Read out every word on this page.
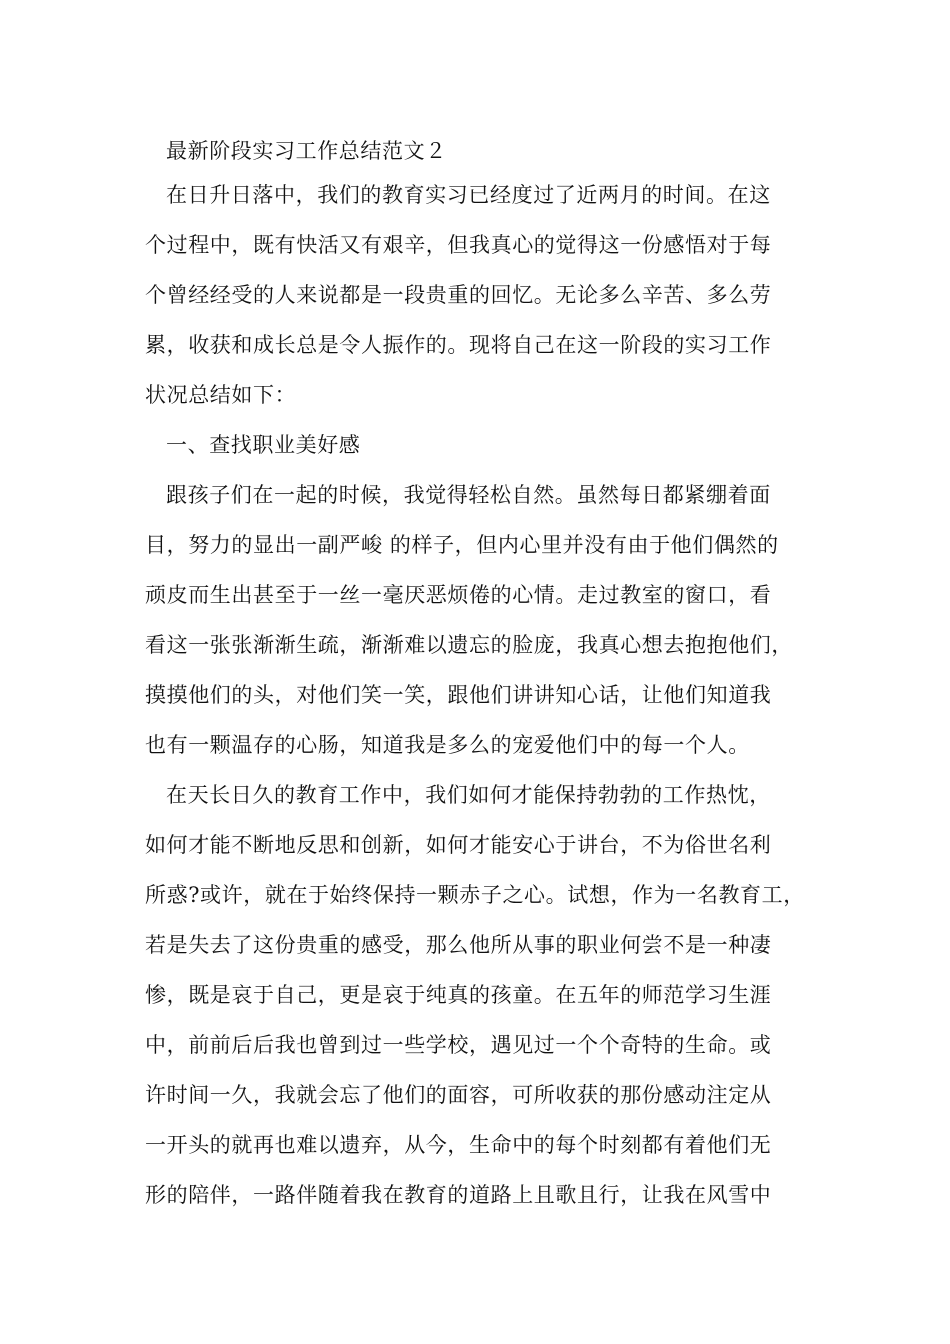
最新阶段实习工作总结范文２
在日升日落中，我们的教育实习已经度过了近两月的时间。在这
个过程中，既有快活又有艰辛，但我真心的觉得这一份感悟对于每
个曾经经受的人来说都是一段贵重的回忆。无论多么辛苦、多么劳
累，收获和成长总是令人振作的。现将自己在这一阶段的实习工作
状况总结如下：
一、查找职业美好感
跟孩子们在一起的时候，我觉得轻松自然。虽然每日都紧绷着面
目，努力的显出一副严峻 的样子，但内心里并没有由于他们偶然的
顽皮而生出甚至于一丝一毫厌恶烦倦的心情。走过教室的窗口，看
看这一张张渐渐生疏，渐渐难以遗忘的脸庞，我真心想去抱抱他们，
摸摸他们的头，对他们笑一笑，跟他们讲讲知心话，让他们知道我
也有一颗温存的心肠，知道我是多么的宠爱他们中的每一个人。
在天长日久的教育工作中，我们如何才能保持勃勃的工作热忱，
如何才能不断地反思和创新，如何才能安心于讲台，不为俗世名利
所惑?或许，就在于始终保持一颗赤子之心。试想，作为一名教育工，
若是失去了这份贵重的感受，那么他所从事的职业何尝不是一种凄
惨，既是哀于自己，更是哀于纯真的孩童。在五年的师范学习生涯
中，前前后后我也曾到过一些学校，遇见过一个个奇特的生命。或
许时间一久，我就会忘了他们的面容，可所收获的那份感动注定从
一开头的就再也难以遗弃，从今，生命中的每个时刻都有着他们无
形的陪伴，一路伴随着我在教育的道路上且歌且行，让我在风雪中
